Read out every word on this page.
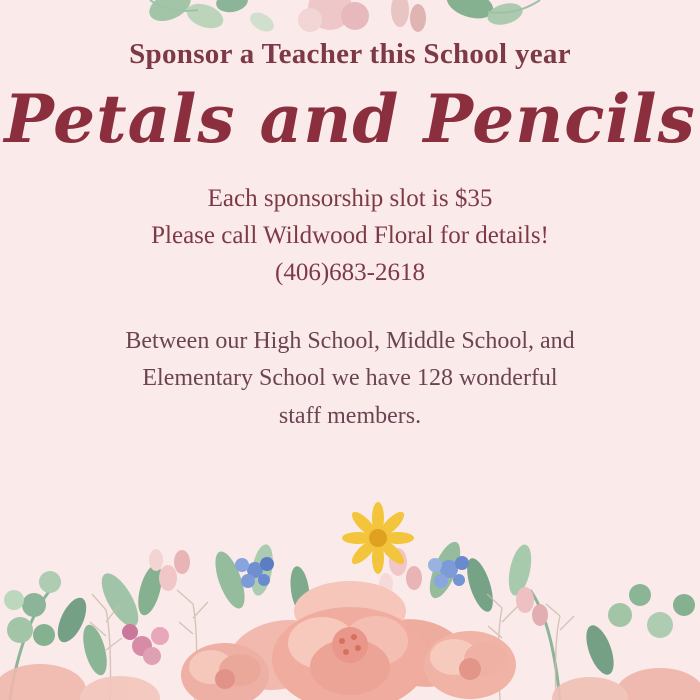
Sponsor a Teacher this School year
Petals and Pencils
Each sponsorship slot is $35
Please call Wildwood Floral for details!
(406)683-2618
Between our High School, Middle School, and
Elementary School we have 128 wonderful
staff members.
